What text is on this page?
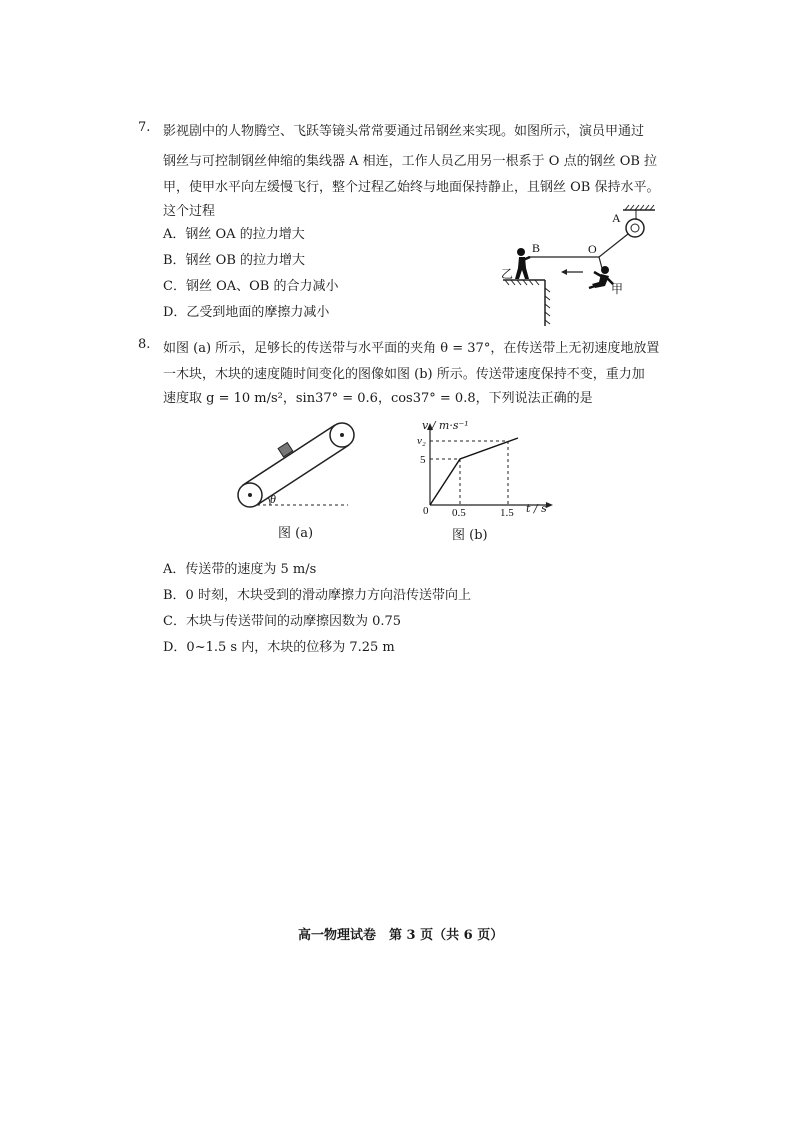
7. 影视剧中的人物腾空、飞跃等镜头常常要通过吊钢丝来实现。如图所示，演员甲通过
钢丝与可控制钢丝伸缩的集线器 A 相连，工作人员乙用另一根系于 O 点的钢丝 OB 拉
甲，使甲水平向左缓慢飞行，整个过程乙始终与地面保持静止，且钢丝 OB 保持水平。
这个过程
A．钢丝 OA 的拉力增大
B．钢丝 OB 的拉力增大
C．钢丝 OA、OB 的合力减小
D．乙受到地面的摩擦力减小
A
B	O
乙
甲
8. 如图 (a) 所示，足够长的传送带与水平面的夹角 θ = 37°，在传送带上无初速度地放置
一木块，木块的速度随时间变化的图像如图 (b) 所示。传送带速度保持不变，重力加
速度取 g = 10 m/s²，sin37° = 0.6，cos37° = 0.8，下列说法正确的是
θ
图 (a)
v₂
5
0 0.5	1.5
v / m·s⁻¹
t / s
图 (b)
A．传送带的速度为 5 m/s
B．0 时刻，木块受到的滑动摩擦力方向沿传送带向上
C．木块与传送带间的动摩擦因数为 0.75
D．0~1.5 s 内，木块的位移为 7.25 m
高一物理试卷　第 3 页（共 6 页）
